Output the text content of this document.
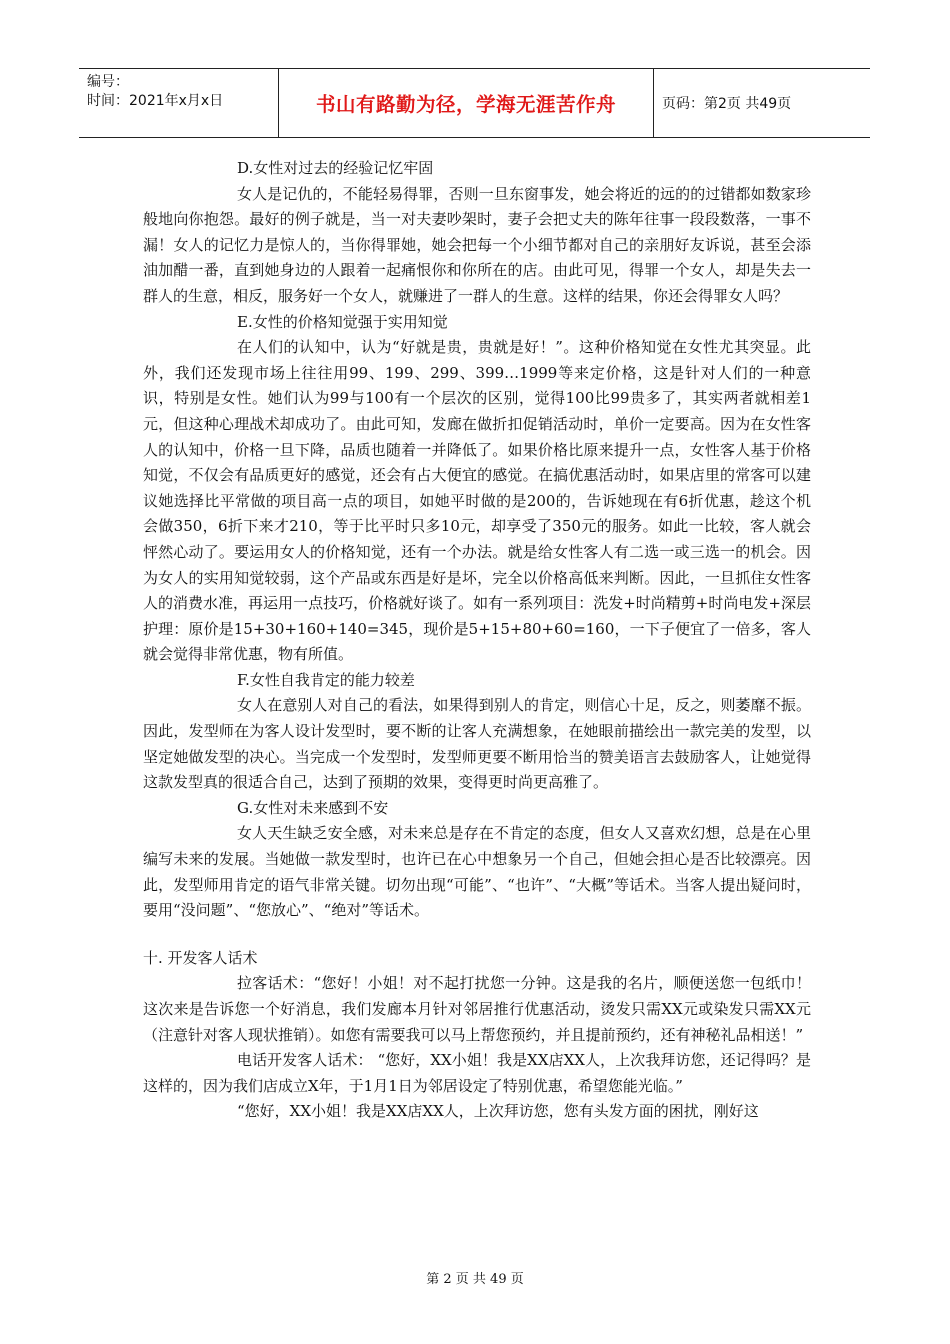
编号：
时间：2021年x月x日	书山有路勤为径，学海无涯苦作舟	页码：第2页 共49页

D.女性对过去的经验记忆牢固

女人是记仇的，不能轻易得罪，否则一旦东窗事发，她会将近的远的的过错都如数家珍般地向你抱怨。最好的例子就是，当一对夫妻吵架时，妻子会把丈夫的陈年往事一段段数落，一事不漏！女人的记忆力是惊人的，当你得罪她，她会把每一个小细节都对自己的亲朋好友诉说，甚至会添油加醋一番，直到她身边的人跟着一起痛恨你和你所在的店。由此可见，得罪一个女人，却是失去一群人的生意，相反，服务好一个女人，就赚进了一群人的生意。这样的结果，你还会得罪女人吗？

E.女性的价格知觉强于实用知觉

在人们的认知中，认为“好就是贵，贵就是好！”。这种价格知觉在女性尤其突显。此外，我们还发现市场上往往用99、199、299、399…1999等来定价格，这是针对人们的一种意识，特别是女性。她们认为99与100有一个层次的区别，觉得100比99贵多了，其实两者就相差1元，但这种心理战术却成功了。由此可知，发廊在做折扣促销活动时，单价一定要高。因为在女性客人的认知中，价格一旦下降，品质也随着一并降低了。如果价格比原来提升一点，女性客人基于价格知觉，不仅会有品质更好的感觉，还会有占大便宜的感觉。在搞优惠活动时，如果店里的常客可以建议她选择比平常做的项目高一点的项目，如她平时做的是200的，告诉她现在有6折优惠，趁这个机会做350，6折下来才210，等于比平时只多10元，却享受了350元的服务。如此一比较，客人就会怦然心动了。要运用女人的价格知觉，还有一个办法。就是给女性客人有二选一或三选一的机会。因为女人的实用知觉较弱，这个产品或东西是好是坏，完全以价格高低来判断。因此，一旦抓住女性客人的消费水准，再运用一点技巧，价格就好谈了。如有一系列项目：洗发+时尚精剪+时尚电发+深层护理：原价是15+30+160+140=345，现价是5+15+80+60=160，一下子便宜了一倍多，客人就会觉得非常优惠，物有所值。

F.女性自我肯定的能力较差

女人在意别人对自己的看法，如果得到别人的肯定，则信心十足，反之，则萎靡不振。因此，发型师在为客人设计发型时，要不断的让客人充满想象，在她眼前描绘出一款完美的发型，以坚定她做发型的决心。当完成一个发型时，发型师更要不断用恰当的赞美语言去鼓励客人，让她觉得这款发型真的很适合自己，达到了预期的效果，变得更时尚更高雅了。

G.女性对未来感到不安

女人天生缺乏安全感，对未来总是存在不肯定的态度，但女人又喜欢幻想，总是在心里编写未来的发展。当她做一款发型时，也许已在心中想象另一个自己，但她会担心是否比较漂亮。因此，发型师用肯定的语气非常关键。切勿出现“可能”、“也许”、“大概”等话术。当客人提出疑问时，要用“没问题”、“您放心”、“绝对”等话术。

十. 开发客人话术

拉客话术：“您好！小姐！对不起打扰您一分钟。这是我的名片，顺便送您一包纸巾！这次来是告诉您一个好消息，我们发廊本月针对邻居推行优惠活动，烫发只需XX元或染发只需XX元（注意针对客人现状推销）。如您有需要我可以马上帮您预约，并且提前预约，还有神秘礼品相送！”

电话开发客人话术： “您好，XX小姐！我是XX店XX人，上次我拜访您，还记得吗？是这样的，因为我们店成立X年，于1月1日为邻居设定了特别优惠，希望您能光临。”

“您好，XX小姐！我是XX店XX人，上次拜访您，您有头发方面的困扰，刚好这

第 2 页 共 49 页
